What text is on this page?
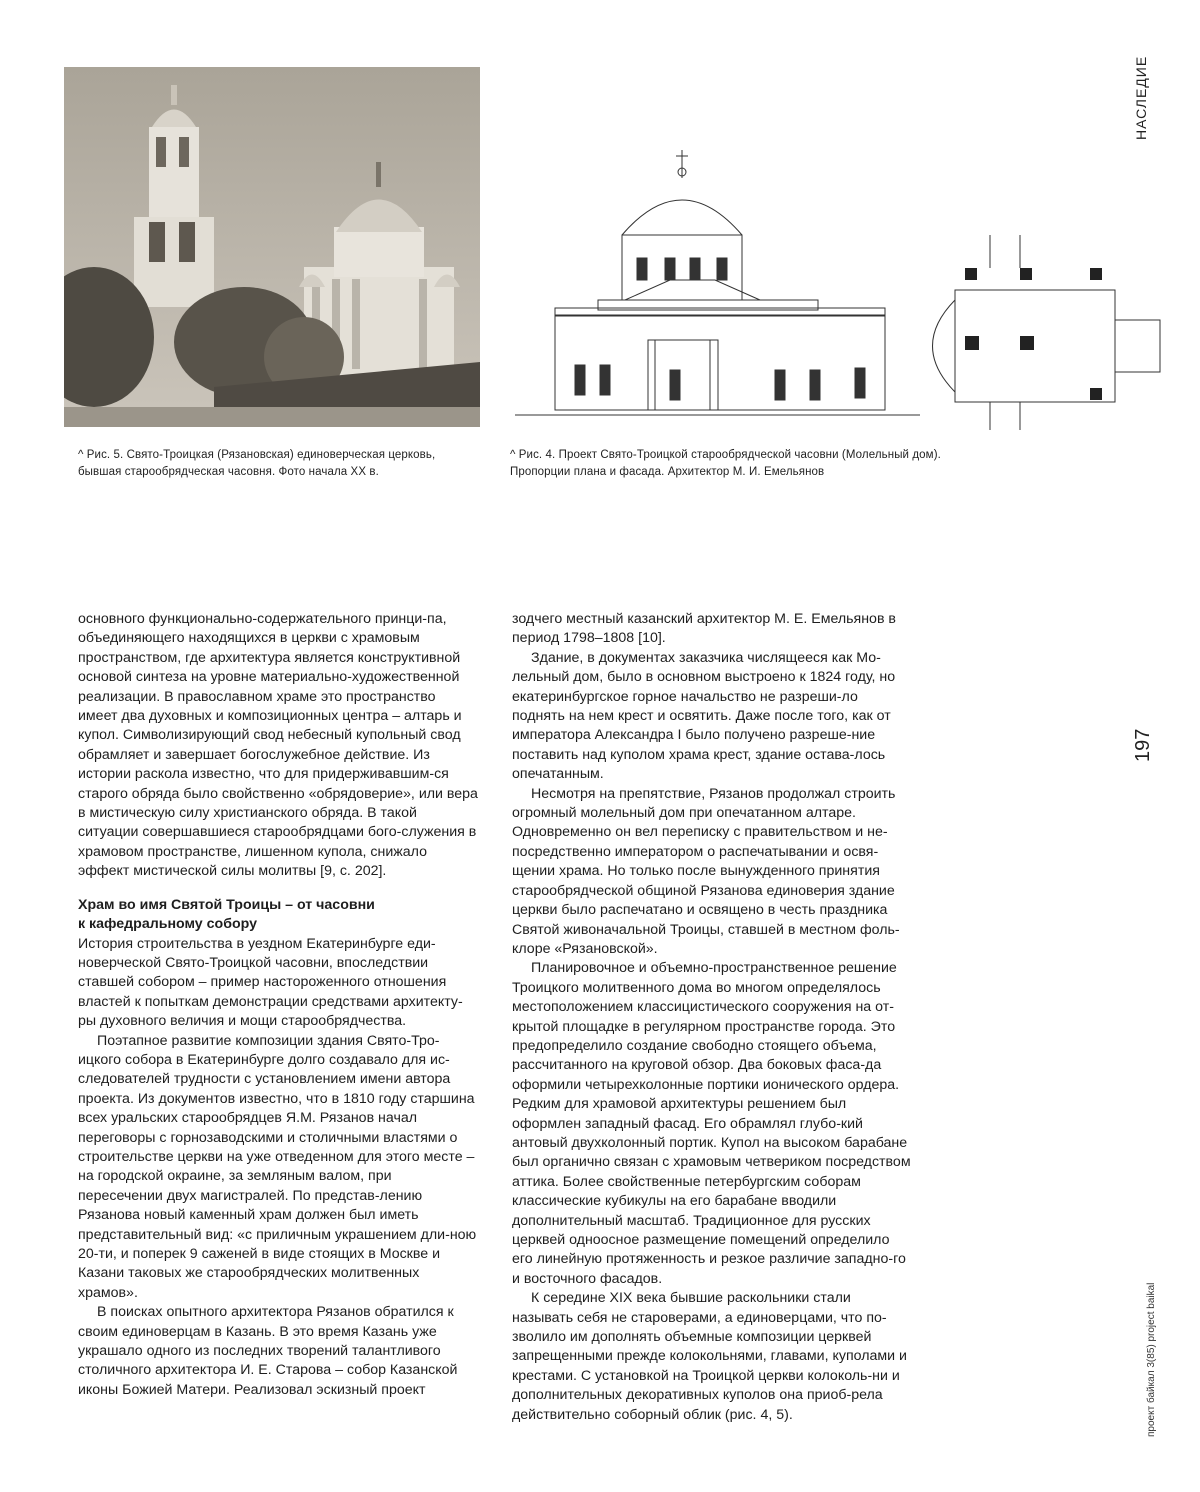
^ Рис. 5. Свято-Троицкая (Рязановская) единоверческая церковь,

бывшая старообрядческая часовня. Фото начала XX в.

^ Рис. 4. Проект Свято-Троицкой старообрядческой часовни (Молельный дом).

Пропорции плана и фасада. Архитектор М. И. Емельянов

основного функционально-содержательного принци-па, объединяющего находящихся в церкви с храмовым пространством, где архитектура является конструктивной основой синтеза на уровне материально-художественной реализации. В православном храме это пространство имеет два духовных и композиционных центра – алтарь и купол. Символизирующий свод небесный купольный свод обрамляет и завершает богослужебное действие. Из истории раскола известно, что для придерживавшим-ся старого обряда было свойственно «обрядоверие», или вера в мистическую силу христианского обряда. В такой ситуации совершавшиеся старообрядцами бого-служения в храмовом пространстве, лишенном купола, снижало эффект мистической силы молитвы [9, с. 202].

Храм во имя Святой Троицы – от часовни
к кафедральному собору

История строительства в уездном Екатеринбурге еди-новерческой Свято-Троицкой часовни, впоследствии ставшей собором – пример настороженного отношения властей к попыткам демонстрации средствами архитекту-ры духовного величия и мощи старообрядчества.

Поэтапное развитие композиции здания Свято-Тро-ицкого собора в Екатеринбурге долго создавало для ис-следователей трудности с установлением имени автора проекта. Из документов известно, что в 1810 году старшина всех уральских старообрядцев Я.М. Рязанов начал переговоры с горнозаводскими и столичными властями о строительстве церкви на уже отведенном для этого месте – на городской окраине, за земляным валом, при пересечении двух магистралей. По представ-лению Рязанова новый каменный храм должен был иметь представительный вид: «с приличным украшением дли-ною 20-ти, и поперек 9 саженей в виде стоящих в Москве и Казани таковых же старообрядческих молитвенных храмов».

В поисках опытного архитектора Рязанов обратился к своим единоверцам в Казань. В это время Казань уже украшало одного из последних творений талантливого столичного архитектора И. Е. Старова – собор Казанской иконы Божией Матери. Реализовал эскизный проект

зодчего местный казанский архитектор М. Е. Емельянов в период 1798–1808 [10].

Здание, в документах заказчика числящееся как Мо-лельный дом, было в основном выстроено к 1824 году, но екатеринбургское горное начальство не разреши-ло поднять на нем крест и освятить. Даже после того, как от императора Александра I было получено разреше-ние поставить над куполом храма крест, здание остава-лось опечатанным.

Несмотря на препятствие, Рязанов продолжал строить огромный молельный дом при опечатанном алтаре. Одновременно он вел переписку с правительством и не-посредственно императором о распечатывании и освя-щении храма. Но только после вынужденного принятия старообрядческой общиной Рязанова единоверия здание церкви было распечатано и освящено в честь праздника Святой живоначальной Троицы, ставшей в местном фоль-клоре «Рязановской».

Планировочное и объемно-пространственное решение Троицкого молитвенного дома во многом определялось местоположением классицистического сооружения на от-крытой площадке в регулярном пространстве города. Это предопределило создание свободно стоящего объема, рассчитанного на круговой обзор. Два боковых фаса-да оформили четырехколонные портики ионического ордера. Редким для храмовой архитектуры решением был оформлен западный фасад. Его обрамлял глубо-кий антовый двухколонный портик. Купол на высоком барабане был органично связан с храмовым четвериком посредством аттика. Более свойственные петербургским соборам классические кубикулы на его барабане вводили дополнительный масштаб. Традиционное для русских церквей одноосное размещение помещений определило его линейную протяженность и резкое различие западно-го и восточного фасадов.

К середине XIX века бывшие раскольники стали называть себя не староверами, а единоверцами, что по-зволило им дополнять объемные композиции церквей запрещенными прежде колокольнями, главами, куполами и крестами. С установкой на Троицкой церкви колоколь-ни и дополнительных декоративных куполов она приоб-рела действительно соборный облик (рис. 4, 5).

НАСЛЕДИЕ
197
проект байкал 3(85) project baikal
